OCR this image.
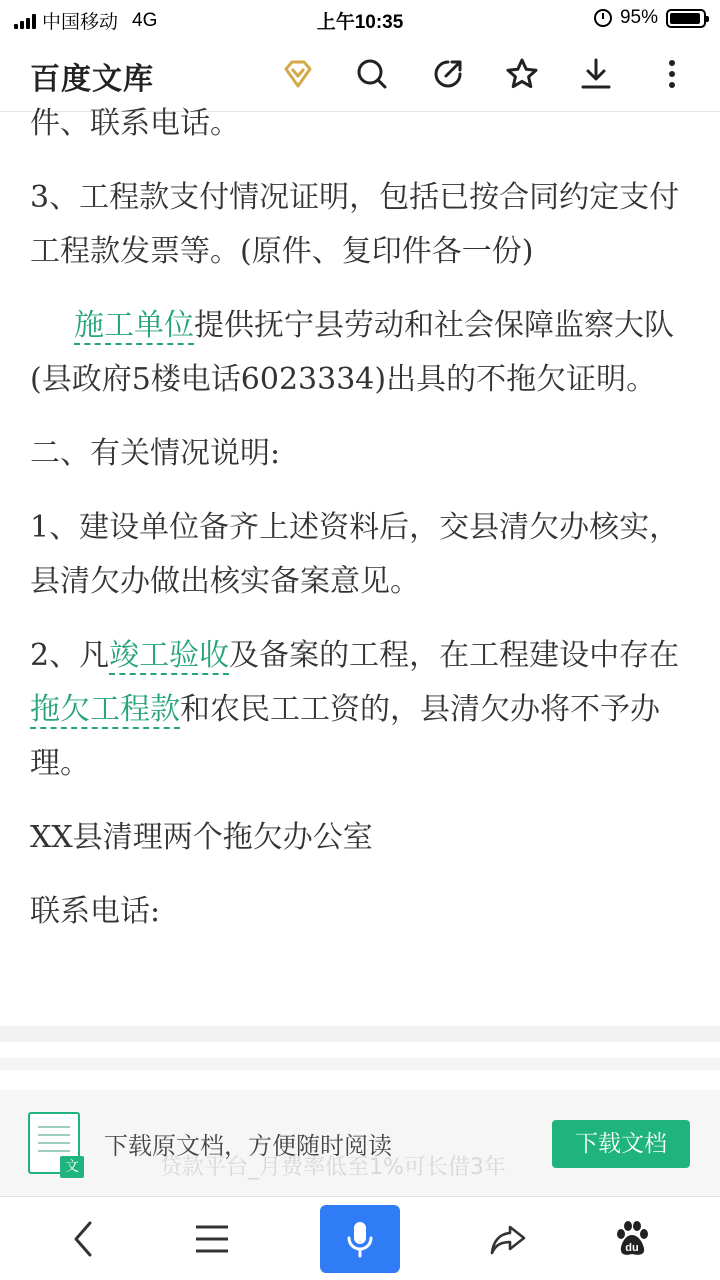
中国移动 4G	上午10:35	95%
百度文库

件、联系电话。

3、工程款支付情况证明，包括已按合同约定支付工程款发票等。(原件、复印件各一份)

施工单位提供抚宁县劳动和社会保障监察大队(县政府5楼电话6023334)出具的不拖欠证明。

二、有关情况说明:

1、建设单位备齐上述资料后，交县清欠办核实，县清欠办做出核实备案意见。

2、凡竣工验收及备案的工程，在工程建设中存在拖欠工程款和农民工工资的，县清欠办将不予办理。

XX县清理两个拖欠办公室

联系电话:

文
下载原文档，方便随时阅读	下载文档
贷款平台_月费率低至1%可长借3年
du
